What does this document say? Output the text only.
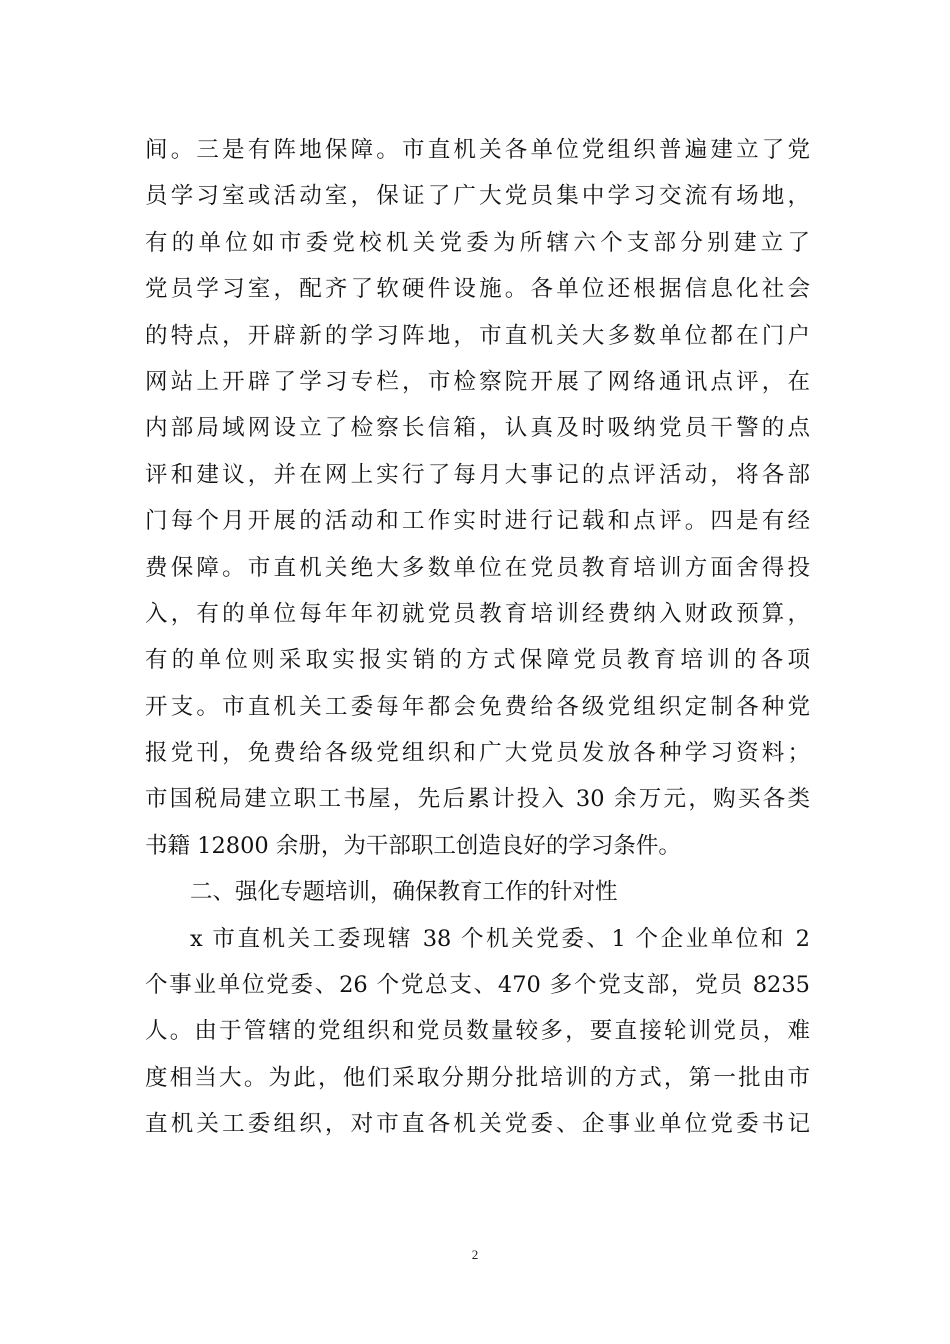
间。三是有阵地保障。市直机关各单位党组织普遍建立了党
员学习室或活动室，保证了广大党员集中学习交流有场地，
有的单位如市委党校机关党委为所辖六个支部分别建立了
党员学习室，配齐了软硬件设施。各单位还根据信息化社会
的特点，开辟新的学习阵地，市直机关大多数单位都在门户
网站上开辟了学习专栏，市检察院开展了网络通讯点评，在
内部局域网设立了检察长信箱，认真及时吸纳党员干警的点
评和建议，并在网上实行了每月大事记的点评活动，将各部
门每个月开展的活动和工作实时进行记载和点评。四是有经
费保障。市直机关绝大多数单位在党员教育培训方面舍得投
入，有的单位每年年初就党员教育培训经费纳入财政预算，
有的单位则采取实报实销的方式保障党员教育培训的各项
开支。市直机关工委每年都会免费给各级党组织定制各种党
报党刊，免费给各级党组织和广大党员发放各种学习资料；
市国税局建立职工书屋，先后累计投入 30 余万元，购买各类
书籍 12800 余册，为干部职工创造良好的学习条件。
二、强化专题培训，确保教育工作的针对性
x 市直机关工委现辖 38 个机关党委、1 个企业单位和 2
个事业单位党委、26 个党总支、470 多个党支部，党员 8235
人。由于管辖的党组织和党员数量较多，要直接轮训党员，难
度相当大。为此，他们采取分期分批培训的方式，第一批由市
直机关工委组织，对市直各机关党委、企事业单位党委书记
2
